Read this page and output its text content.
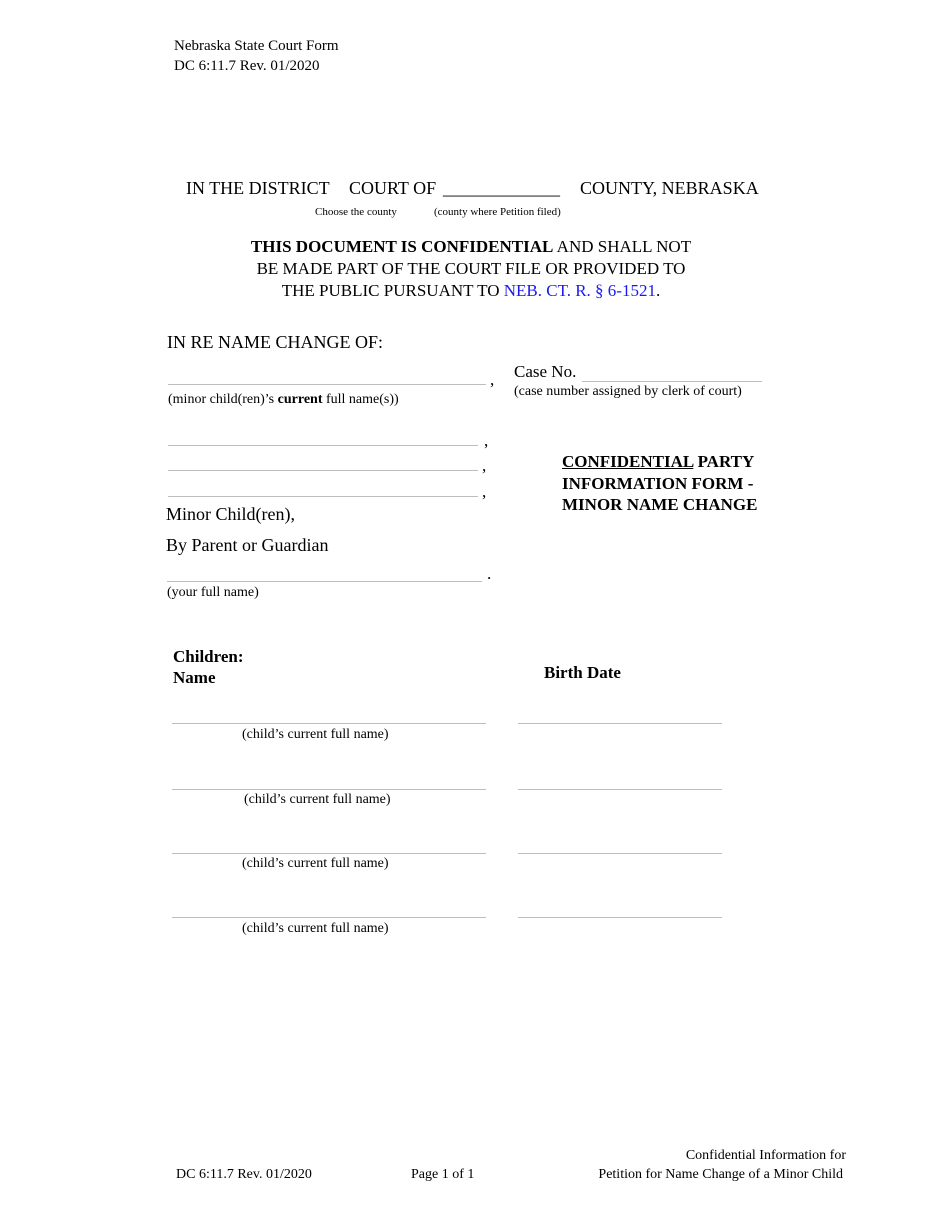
Nebraska State Court Form
DC 6:11.7 Rev. 01/2020
IN THE DISTRICT COURT OF _____________ COUNTY, NEBRASKA
Choose the county	(county where Petition filed)
THIS DOCUMENT IS CONFIDENTIAL AND SHALL NOT
BE MADE PART OF THE COURT FILE OR PROVIDED TO
THE PUBLIC PURSUANT TO NEB. CT. R. § 6-1521.
IN RE NAME CHANGE OF:
,
(minor child(ren)’s current full name(s))
Case No.
(case number assigned by clerk of court)
,
,
,
CONFIDENTIAL PARTY
INFORMATION FORM -
MINOR NAME CHANGE
Minor Child(ren),
By Parent or Guardian
.
(your full name)
Children:
Name	Birth Date
(child’s current full name)
(child’s current full name)
(child’s current full name)
(child’s current full name)
DC 6:11.7 Rev. 01/2020	Page 1 of 1
Confidential Information for
Petition for Name Change of a Minor Child
